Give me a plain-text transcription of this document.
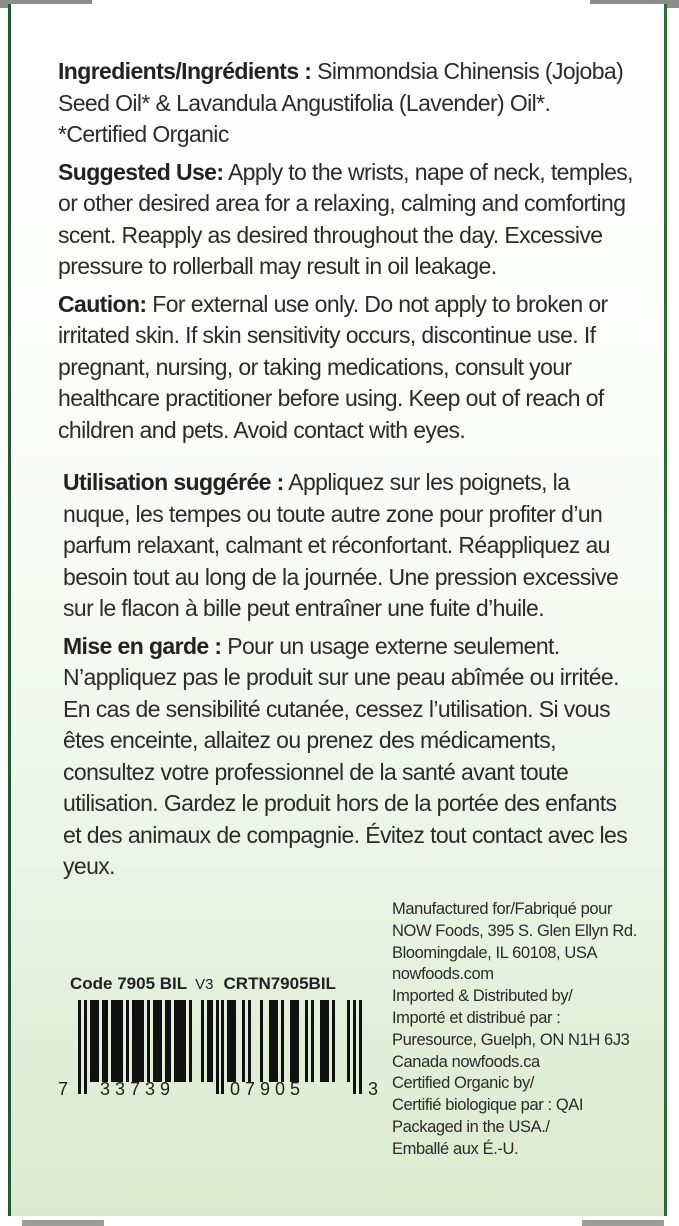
Ingredients/Ingrédients : Simmondsia Chinensis (Jojoba) Seed Oil* & Lavandula Angustifolia (Lavender) Oil*. *Certified Organic

Suggested Use: Apply to the wrists, nape of neck, temples, or other desired area for a relaxing, calming and comforting scent. Reapply as desired throughout the day. Excessive pressure to rollerball may result in oil leakage.

Caution: For external use only. Do not apply to broken or irritated skin. If skin sensitivity occurs, discontinue use. If pregnant, nursing, or taking medications, consult your healthcare practitioner before using. Keep out of reach of children and pets. Avoid contact with eyes.

Utilisation suggérée : Appliquez sur les poignets, la nuque, les tempes ou toute autre zone pour profiter d’un parfum relaxant, calmant et réconfortant. Réappliquez au besoin tout au long de la journée. Une pression excessive sur le flacon à bille peut entraîner une fuite d’huile.

Mise en garde : Pour un usage externe seulement. N’appliquez pas le produit sur une peau abîmée ou irritée. En cas de sensibilité cutanée, cessez l’utilisation. Si vous êtes enceinte, allaitez ou prenez des médicaments, consultez votre professionnel de la santé avant toute utilisation. Gardez le produit hors de la portée des enfants et des animaux de compagnie. Évitez tout contact avec les yeux.

Manufactured for/Fabriqué pour
NOW Foods, 395 S. Glen Ellyn Rd.
Bloomingdale, IL 60108, USA
nowfoods.com
Imported & Distributed by/
Importé et distribué par :
Puresource, Guelph, ON N1H 6J3
Canada nowfoods.ca
Certified Organic by/
Certifié biologique par : QAI
Packaged in the USA./
Emballé aux É.-U.
Code 7905 BIL V3 CRTN7905BIL
7 33739	07905	3
